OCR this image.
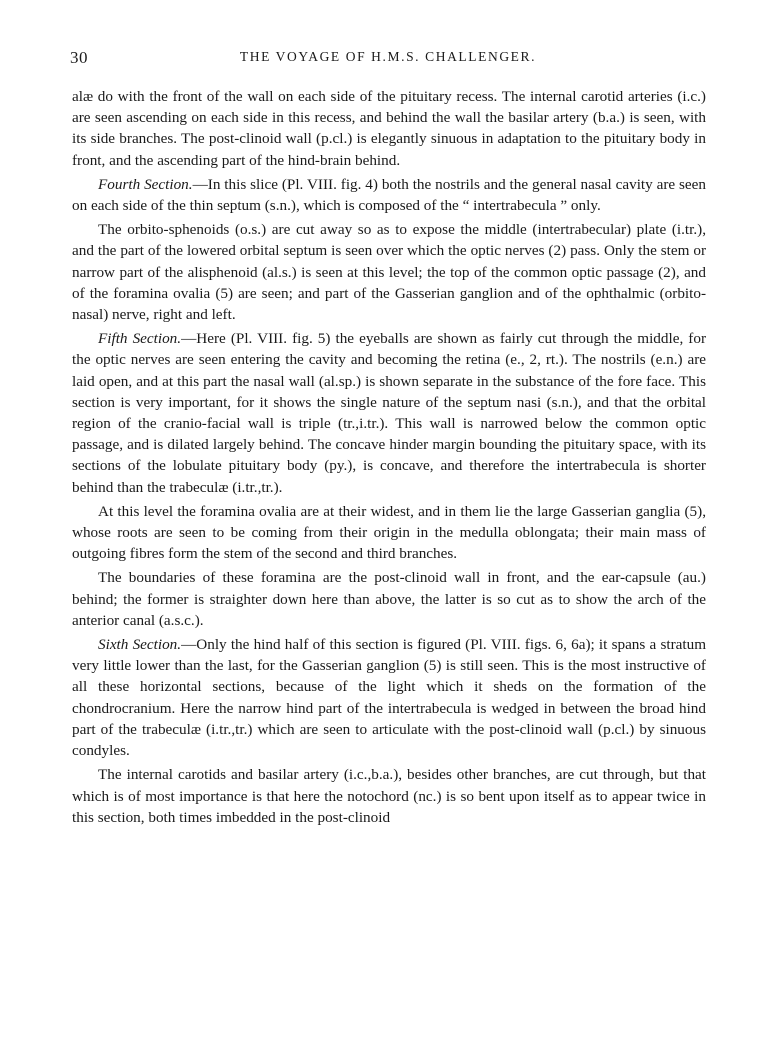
30	THE VOYAGE OF H.M.S. CHALLENGER.

alæ do with the front of the wall on each side of the pituitary recess. The internal carotid arteries (i.c.) are seen ascending on each side in this recess, and behind the wall the basilar artery (b.a.) is seen, with its side branches. The post-clinoid wall (p.cl.) is elegantly sinuous in adaptation to the pituitary body in front, and the ascending part of the hind-brain behind.

Fourth Section.—In this slice (Pl. VIII. fig. 4) both the nostrils and the general nasal cavity are seen on each side of the thin septum (s.n.), which is composed of the “ intertrabecula ” only.

The orbito-sphenoids (o.s.) are cut away so as to expose the middle (intertrabecular) plate (i.tr.), and the part of the lowered orbital septum is seen over which the optic nerves (2) pass. Only the stem or narrow part of the alisphenoid (al.s.) is seen at this level; the top of the common optic passage (2), and of the foramina ovalia (5) are seen; and part of the Gasserian ganglion and of the ophthalmic (orbito-nasal) nerve, right and left.

Fifth Section.—Here (Pl. VIII. fig. 5) the eyeballs are shown as fairly cut through the middle, for the optic nerves are seen entering the cavity and becoming the retina (e., 2, rt.). The nostrils (e.n.) are laid open, and at this part the nasal wall (al.sp.) is shown separate in the substance of the fore face. This section is very important, for it shows the single nature of the septum nasi (s.n.), and that the orbital region of the cranio-facial wall is triple (tr.,i.tr.). This wall is narrowed below the common optic passage, and is dilated largely behind. The concave hinder margin bounding the pituitary space, with its sections of the lobulate pituitary body (py.), is concave, and therefore the intertrabecula is shorter behind than the trabeculæ (i.tr.,tr.).

At this level the foramina ovalia are at their widest, and in them lie the large Gasserian ganglia (5), whose roots are seen to be coming from their origin in the medulla oblongata; their main mass of outgoing fibres form the stem of the second and third branches.

The boundaries of these foramina are the post-clinoid wall in front, and the ear-capsule (au.) behind; the former is straighter down here than above, the latter is so cut as to show the arch of the anterior canal (a.s.c.).

Sixth Section.—Only the hind half of this section is figured (Pl. VIII. figs. 6, 6a); it spans a stratum very little lower than the last, for the Gasserian ganglion (5) is still seen. This is the most instructive of all these horizontal sections, because of the light which it sheds on the formation of the chondrocranium. Here the narrow hind part of the intertrabecula is wedged in between the broad hind part of the trabeculæ (i.tr.,tr.) which are seen to articulate with the post-clinoid wall (p.cl.) by sinuous condyles.

The internal carotids and basilar artery (i.c.,b.a.), besides other branches, are cut through, but that which is of most importance is that here the notochord (nc.) is so bent upon itself as to appear twice in this section, both times imbedded in the post-clinoid
